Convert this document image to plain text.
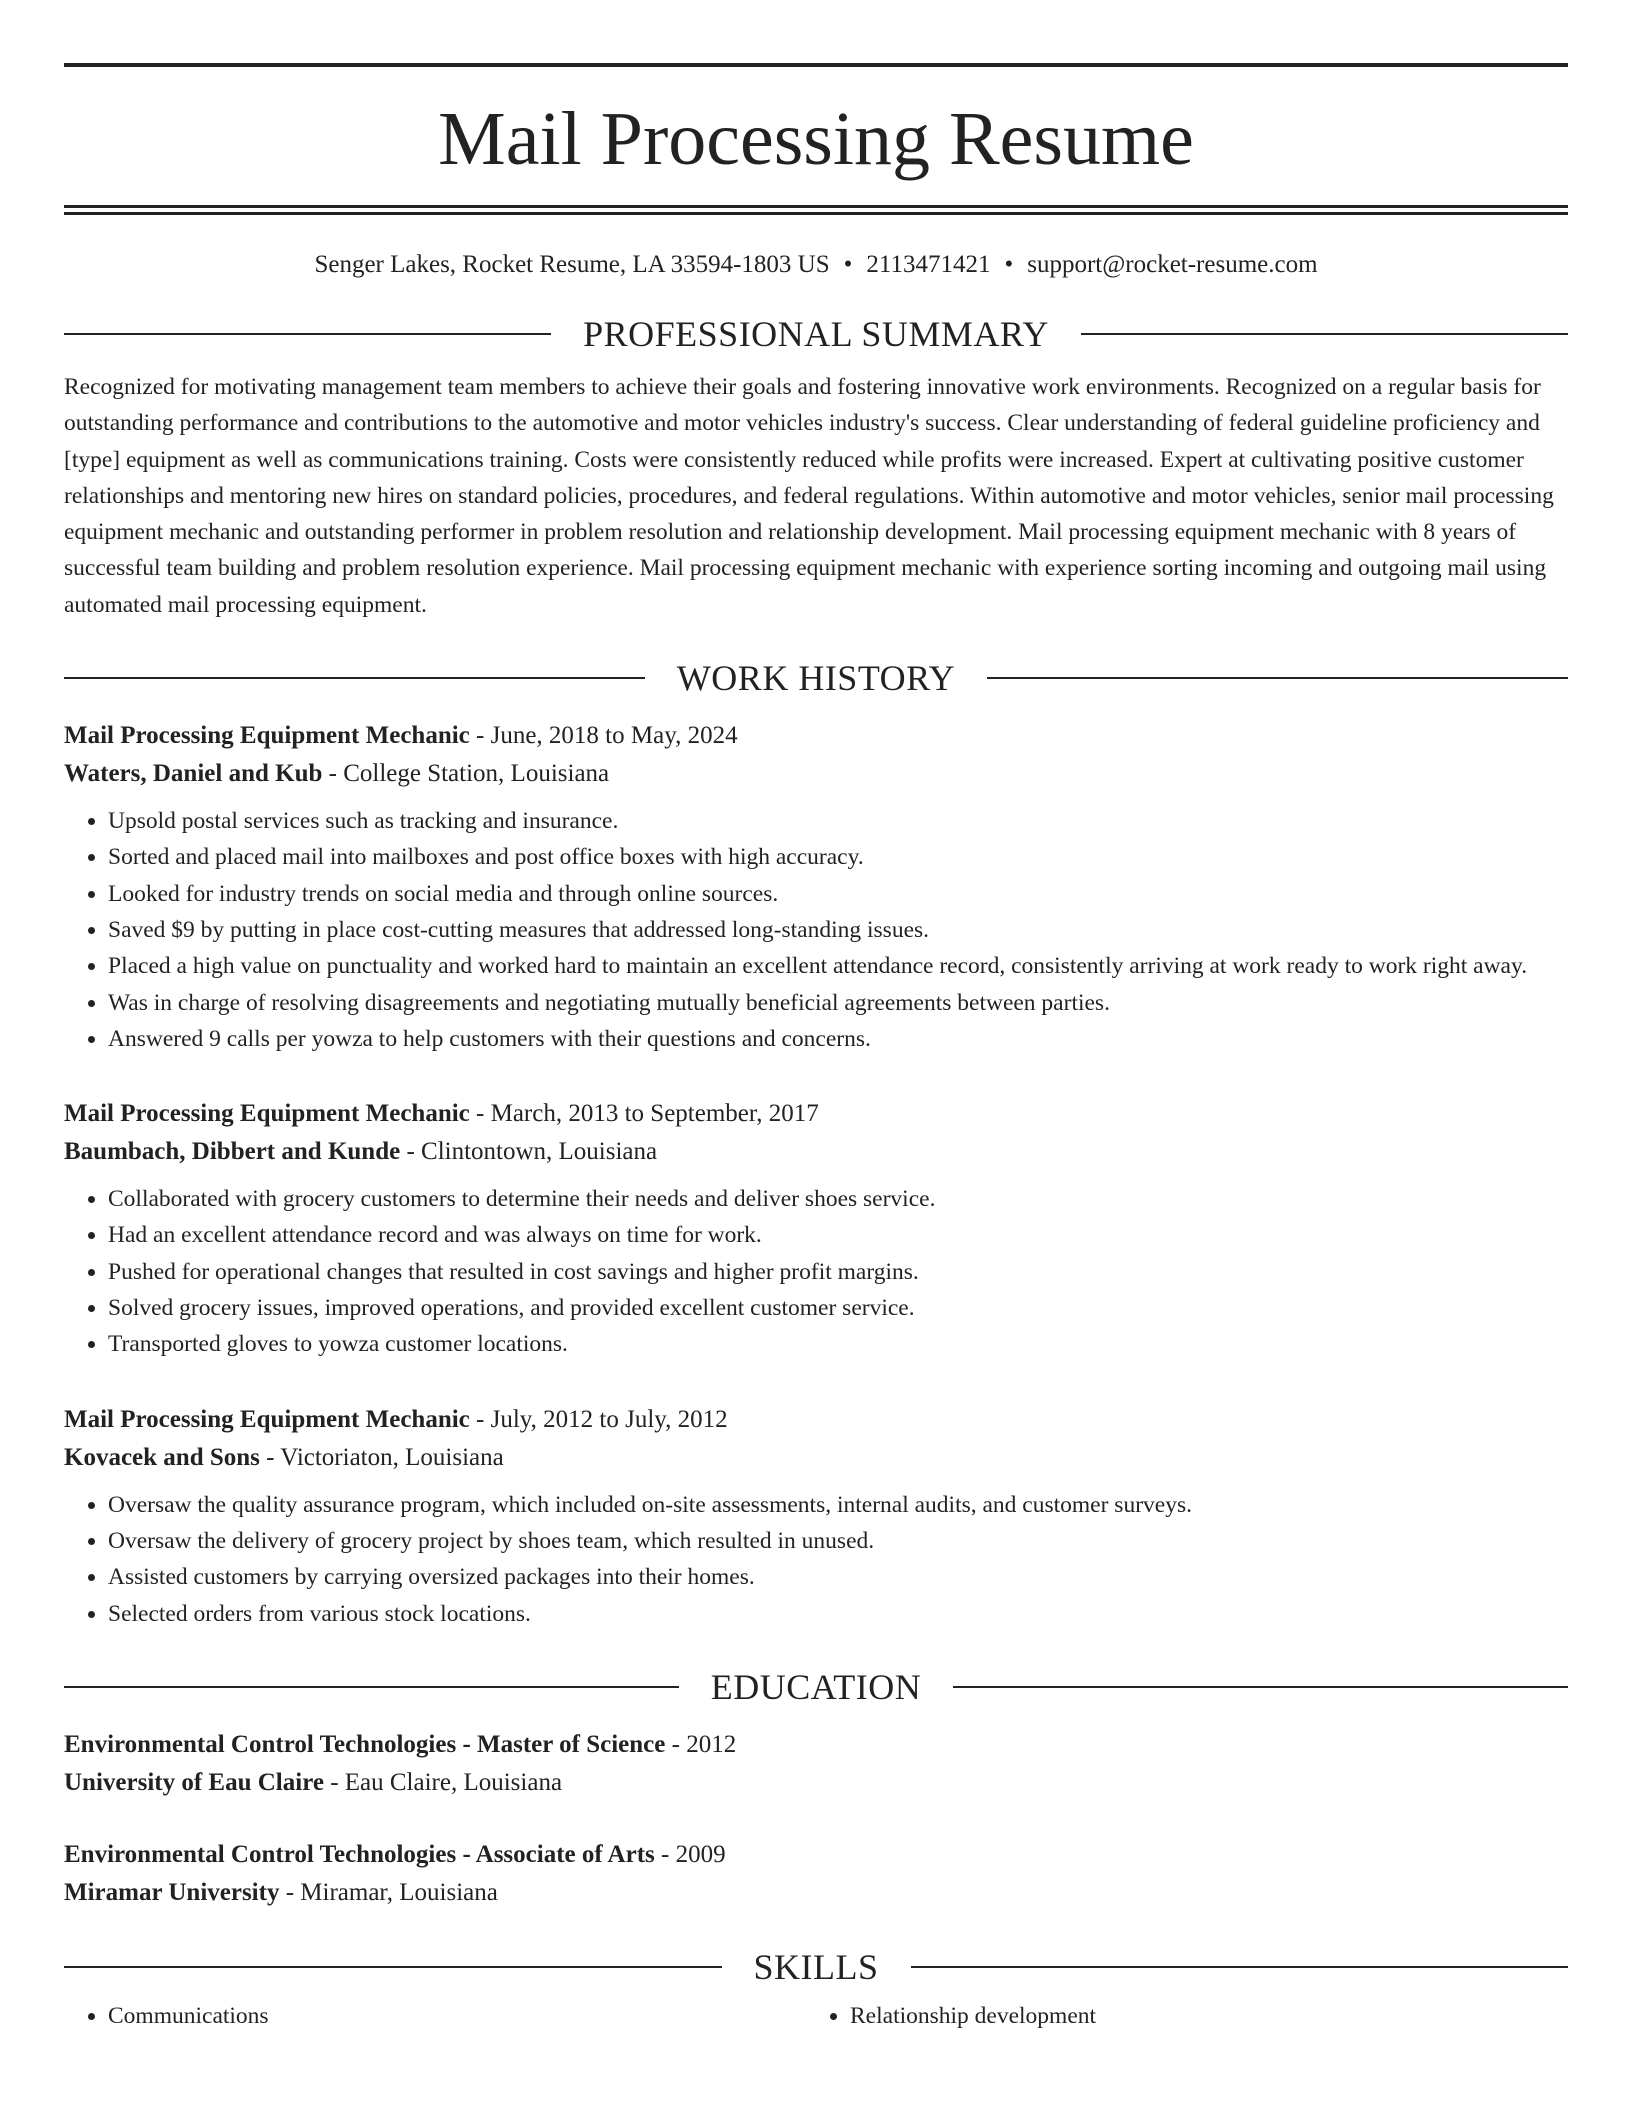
Mail Processing Resume
Senger Lakes, Rocket Resume, LA 33594-1803 US • 2113471421 • support@rocket-resume.com
PROFESSIONAL SUMMARY
Recognized for motivating management team members to achieve their goals and fostering innovative work environments. Recognized on a regular basis for outstanding performance and contributions to the automotive and motor vehicles industry's success. Clear understanding of federal guideline proficiency and [type] equipment as well as communications training. Costs were consistently reduced while profits were increased. Expert at cultivating positive customer relationships and mentoring new hires on standard policies, procedures, and federal regulations. Within automotive and motor vehicles, senior mail processing equipment mechanic and outstanding performer in problem resolution and relationship development. Mail processing equipment mechanic with 8 years of successful team building and problem resolution experience. Mail processing equipment mechanic with experience sorting incoming and outgoing mail using automated mail processing equipment.
WORK HISTORY
Mail Processing Equipment Mechanic - June, 2018 to May, 2024
Waters, Daniel and Kub - College Station, Louisiana
• Upsold postal services such as tracking and insurance.
• Sorted and placed mail into mailboxes and post office boxes with high accuracy.
• Looked for industry trends on social media and through online sources.
• Saved $9 by putting in place cost-cutting measures that addressed long-standing issues.
• Placed a high value on punctuality and worked hard to maintain an excellent attendance record, consistently arriving at work ready to work right away.
• Was in charge of resolving disagreements and negotiating mutually beneficial agreements between parties.
• Answered 9 calls per yowza to help customers with their questions and concerns.
Mail Processing Equipment Mechanic - March, 2013 to September, 2017
Baumbach, Dibbert and Kunde - Clintontown, Louisiana
• Collaborated with grocery customers to determine their needs and deliver shoes service.
• Had an excellent attendance record and was always on time for work.
• Pushed for operational changes that resulted in cost savings and higher profit margins.
• Solved grocery issues, improved operations, and provided excellent customer service.
• Transported gloves to yowza customer locations.
Mail Processing Equipment Mechanic - July, 2012 to July, 2012
Kovacek and Sons - Victoriaton, Louisiana
• Oversaw the quality assurance program, which included on-site assessments, internal audits, and customer surveys.
• Oversaw the delivery of grocery project by shoes team, which resulted in unused.
• Assisted customers by carrying oversized packages into their homes.
• Selected orders from various stock locations.
EDUCATION
Environmental Control Technologies - Master of Science - 2012
University of Eau Claire - Eau Claire, Louisiana
Environmental Control Technologies - Associate of Arts - 2009
Miramar University - Miramar, Louisiana
SKILLS
• Communications
•	Relationship development
